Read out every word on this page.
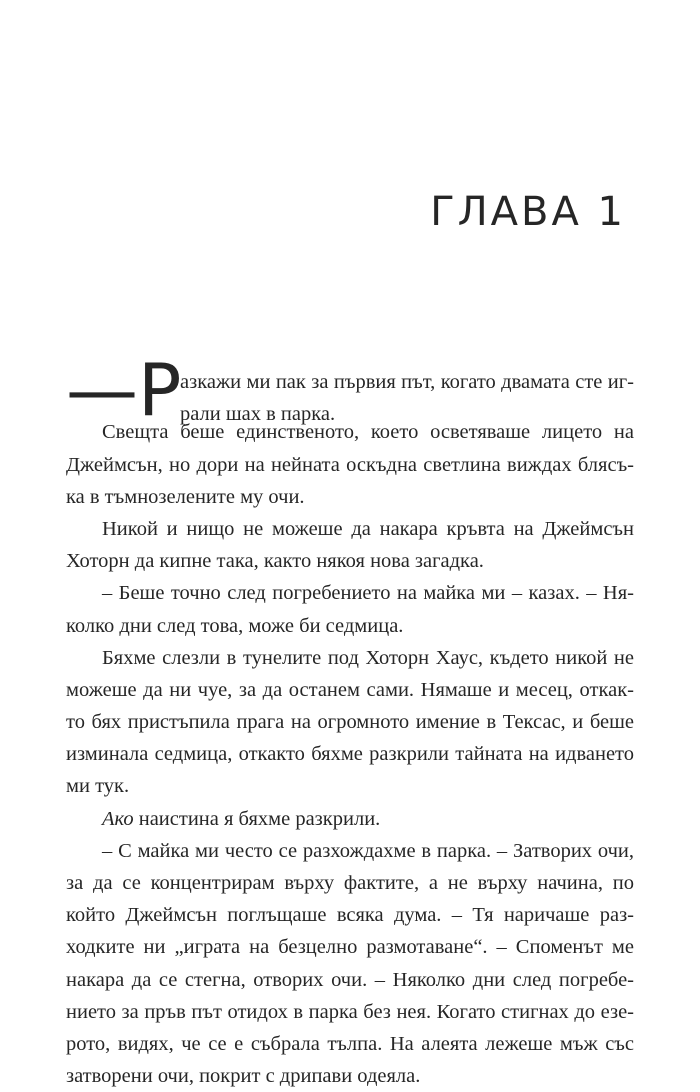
ГЛАВА 1
—Р
азкажи ми пак за първия път, когато двамата сте иг-
рали шах в парка.
Свещта беше единственото, което осветяваше лицето на
Джеймсън, но дори на нейната оскъдна светлина виждах блясъ-
ка в тъмнозелените му очи.
Никой и нищо не можеше да накара кръвта на Джеймсън
Хоторн да кипне така, както някоя нова загадка.
– Беше точно след погребението на майка ми – казах. – Ня-
колко дни след това, може би седмица.
Бяхме слезли в тунелите под Хоторн Хаус, където никой не
можеше да ни чуе, за да останем сами. Нямаше и месец, откак-
то бях пристъпила прага на огромното имение в Тексас, и беше
изминала седмица, откакто бяхме разкрили тайната на идването
ми тук.
Ако наистина я бяхме разкрили.
– С майка ми често се разхождахме в парка. – Затворих очи,
за да се концентрирам върху фактите, а не върху начина, по
който Джеймсън поглъщаше всяка дума. – Тя наричаше раз-
ходките ни „играта на безцелно размотаване“. – Споменът ме
накара да се стегна, отворих очи. – Няколко дни след погребе-
нието за пръв път отидох в парка без нея. Когато стигнах до езе-
рото, видях, че се е събрала тълпа. На алеята лежеше мъж със
затворени очи, покрит с дрипави одеяла.
